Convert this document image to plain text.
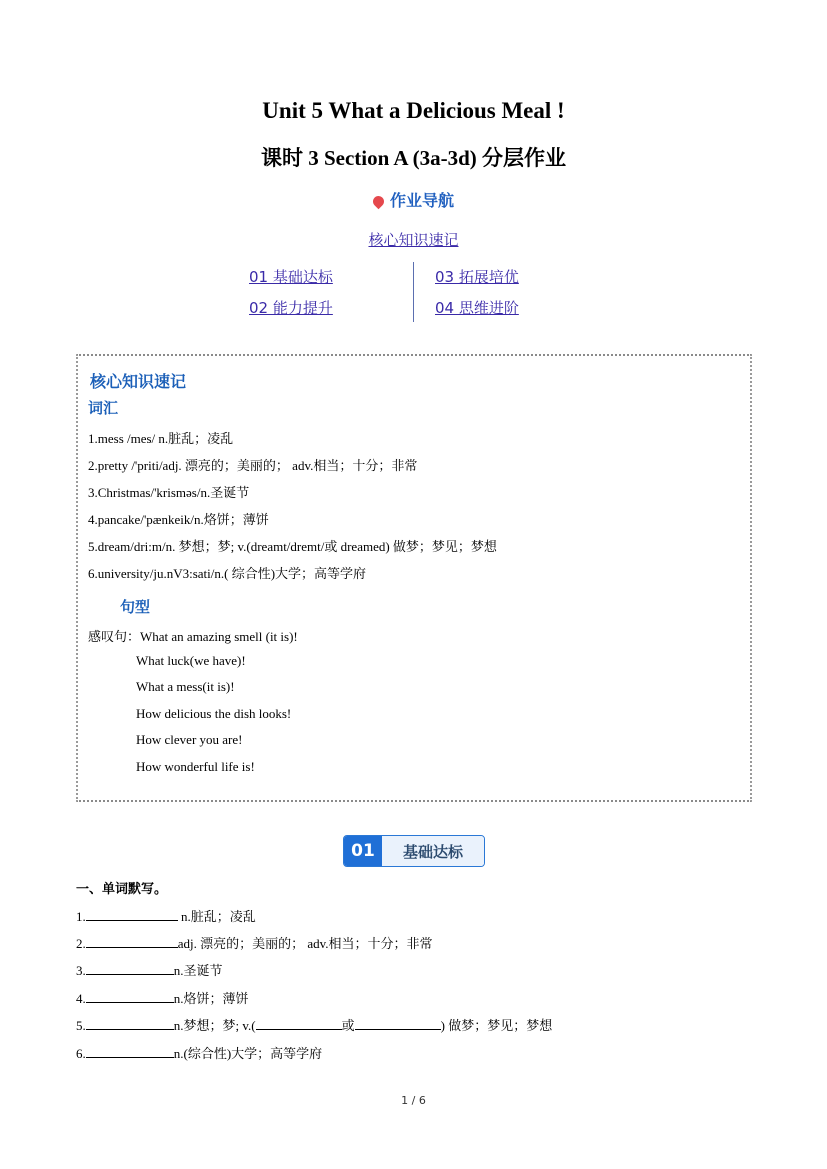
Unit 5 What a Delicious Meal !
课时 3 Section A (3a-3d) 分层作业
作业导航
核心知识速记
01 基础达标
02 能力提升
03 拓展培优
04 思维进阶
核心知识速记
词汇
1.mess /mes/ n.脏乱；凌乱
2.pretty /'priti/adj. 漂亮的；美丽的； adv.相当；十分；非常
3.Christmas/'krisməs/n.圣诞节
4.pancake/'pænkeik/n.烙饼；薄饼
5.dream/dri:m/n. 梦想；梦; v.(dreamt/dremt/或 dreamed) 做梦；梦见；梦想
6.university/ju.nV3:sati/n.( 综合性)大学；高等学府
句型
感叹句：What an amazing smell (it is)!
What luck(we have)!
What a mess(it is)!
How delicious the dish looks!
How clever you are!
How wonderful life is!
01	基础达标
一、单词默写。
1.	n.脏乱；凌乱
2.	adj. 漂亮的；美丽的； adv.相当；十分；非常
3.	n.圣诞节
4.	n.烙饼；薄饼
5.	n.梦想；梦; v.(	或	) 做梦；梦见；梦想
6.	n.(综合性)大学；高等学府
1 / 6
